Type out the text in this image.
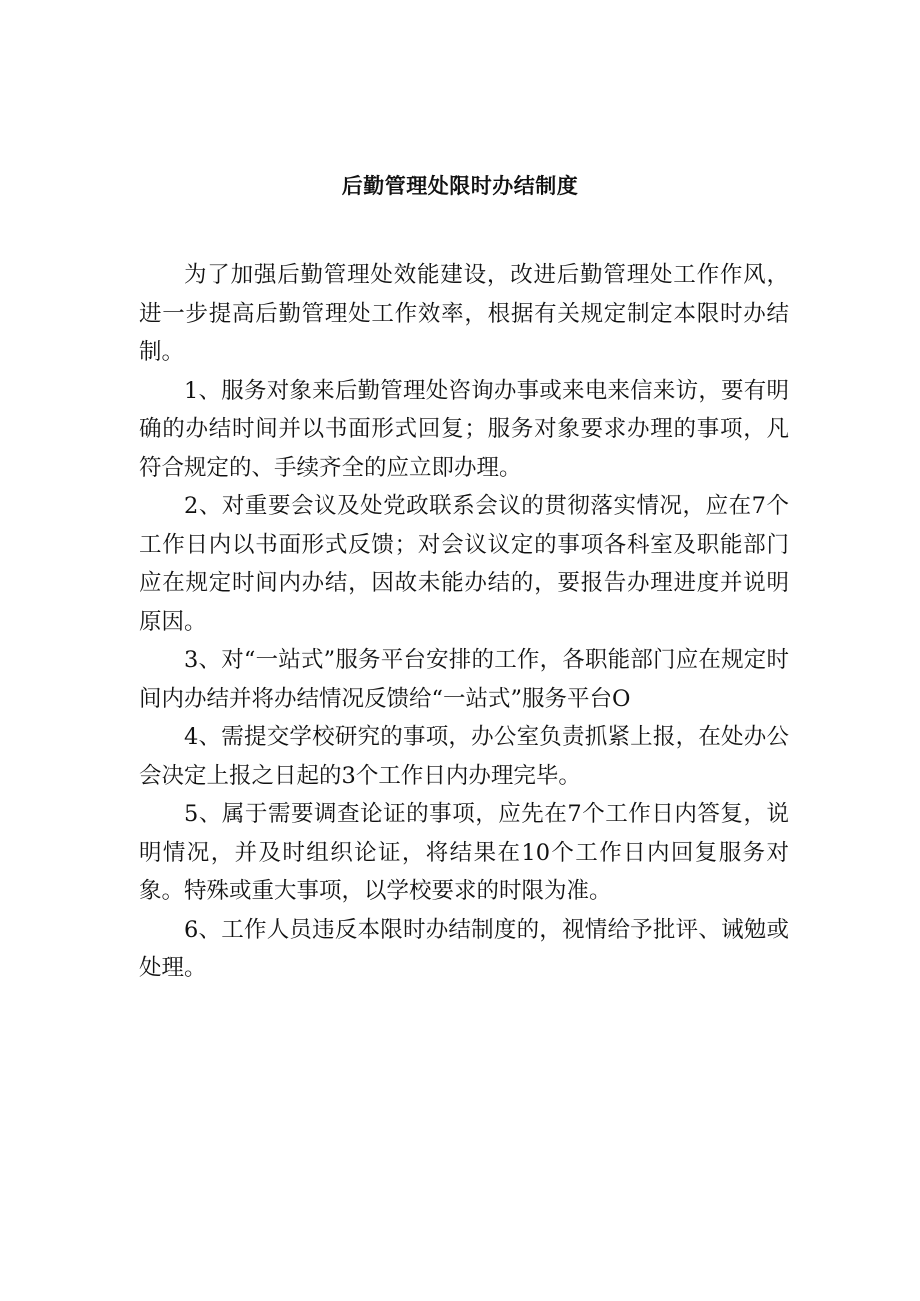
后勤管理处限时办结制度

为了加强后勤管理处效能建设，改进后勤管理处工作作风，进一步提高后勤管理处工作效率，根据有关规定制定本限时办结制。

1、服务对象来后勤管理处咨询办事或来电来信来访，要有明确的办结时间并以书面形式回复；服务对象要求办理的事项，凡符合规定的、手续齐全的应立即办理。

2、对重要会议及处党政联系会议的贯彻落实情况，应在7个工作日内以书面形式反馈；对会议议定的事项各科室及职能部门应在规定时间内办结，因故未能办结的，要报告办理进度并说明原因。

3、对“一站式”服务平台安排的工作，各职能部门应在规定时间内办结并将办结情况反馈给“一站式”服务平台O

4、需提交学校研究的事项，办公室负责抓紧上报，在处办公会决定上报之日起的3个工作日内办理完毕。

5、属于需要调查论证的事项，应先在7个工作日内答复，说明情况，并及时组织论证，将结果在10个工作日内回复服务对象。特殊或重大事项，以学校要求的时限为准。

6、工作人员违反本限时办结制度的，视情给予批评、诫勉或处理。
